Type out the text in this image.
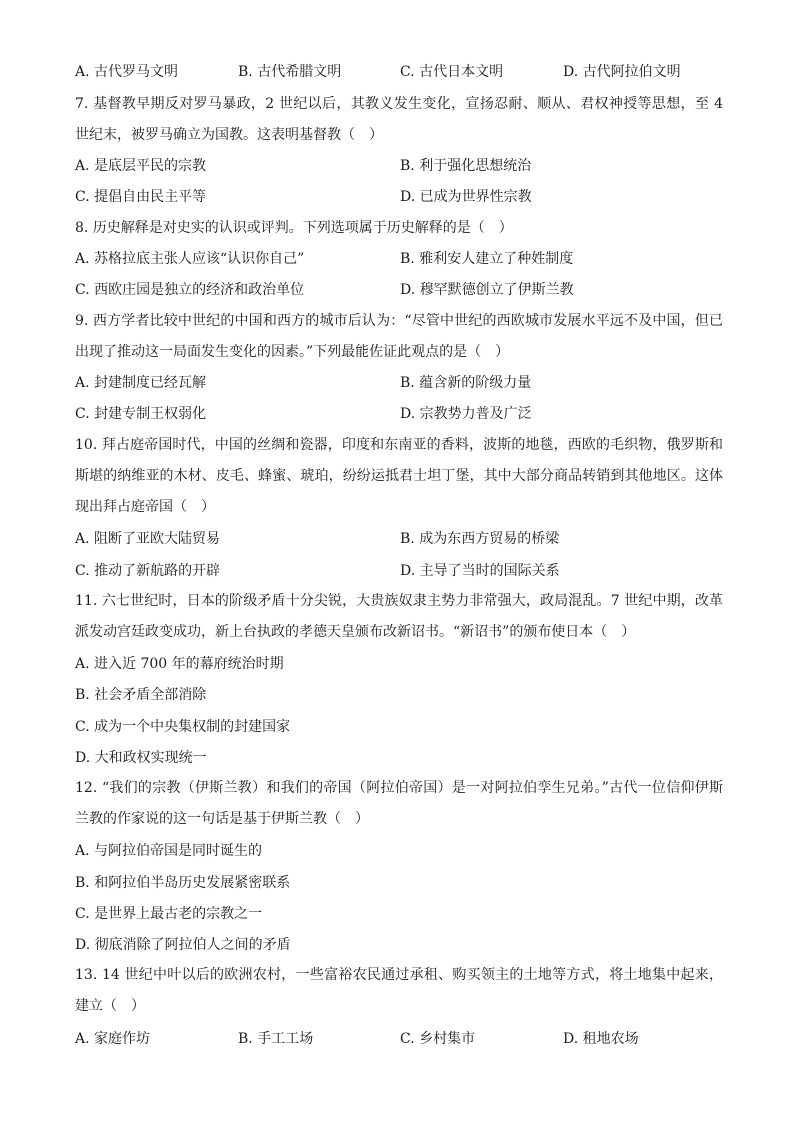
A. 古代罗马文明	B. 古代希腊文明	C. 古代日本文明	D. 古代阿拉伯文明
7. 基督教早期反对罗马暴政，2 世纪以后，其教义发生变化，宣扬忍耐、顺从、君权神授等思想，至 4 世纪末，被罗马确立为国教。这表明基督教（　）
A. 是底层平民的宗教	B. 利于强化思想统治
C. 提倡自由民主平等	D. 已成为世界性宗教
8. 历史解释是对史实的认识或评判。下列选项属于历史解释的是（　）
A. 苏格拉底主张人应该“认识你自己”	B. 雅利安人建立了种姓制度
C. 西欧庄园是独立的经济和政治单位	D. 穆罕默德创立了伊斯兰教
9. 西方学者比较中世纪的中国和西方的城市后认为：“尽管中世纪的西欧城市发展水平远不及中国，但已出现了推动这一局面发生变化的因素。”下列最能佐证此观点的是（　）
A. 封建制度已经瓦解	B. 蕴含新的阶级力量
C. 封建专制王权弱化	D. 宗教势力普及广泛
10. 拜占庭帝国时代，中国的丝绸和瓷器，印度和东南亚的香料，波斯的地毯，西欧的毛织物，俄罗斯和斯堪的纳维亚的木材、皮毛、蜂蜜、琥珀，纷纷运抵君士坦丁堡，其中大部分商品转销到其他地区。这体现出拜占庭帝国（　）
A. 阻断了亚欧大陆贸易	B. 成为东西方贸易的桥梁
C. 推动了新航路的开辟	D. 主导了当时的国际关系
11. 六七世纪时，日本的阶级矛盾十分尖锐，大贵族奴隶主势力非常强大，政局混乱。7 世纪中期，改革派发动宫廷政变成功，新上台执政的孝德天皇颁布改新诏书。“新诏书”的颁布使日本（　）
A. 进入近 700 年的幕府统治时期
B. 社会矛盾全部消除
C. 成为一个中央集权制的封建国家
D. 大和政权实现统一
12. “我们的宗教（伊斯兰教）和我们的帝国（阿拉伯帝国）是一对阿拉伯孪生兄弟。”古代一位信仰伊斯兰教的作家说的这一句话是基于伊斯兰教（　）
A. 与阿拉伯帝国是同时诞生的
B. 和阿拉伯半岛历史发展紧密联系
C. 是世界上最古老的宗教之一
D. 彻底消除了阿拉伯人之间的矛盾
13. 14 世纪中叶以后的欧洲农村，一些富裕农民通过承租、购买领主的土地等方式，将土地集中起来，建立（　）
A. 家庭作坊	B. 手工工场	C. 乡村集市	D. 租地农场
